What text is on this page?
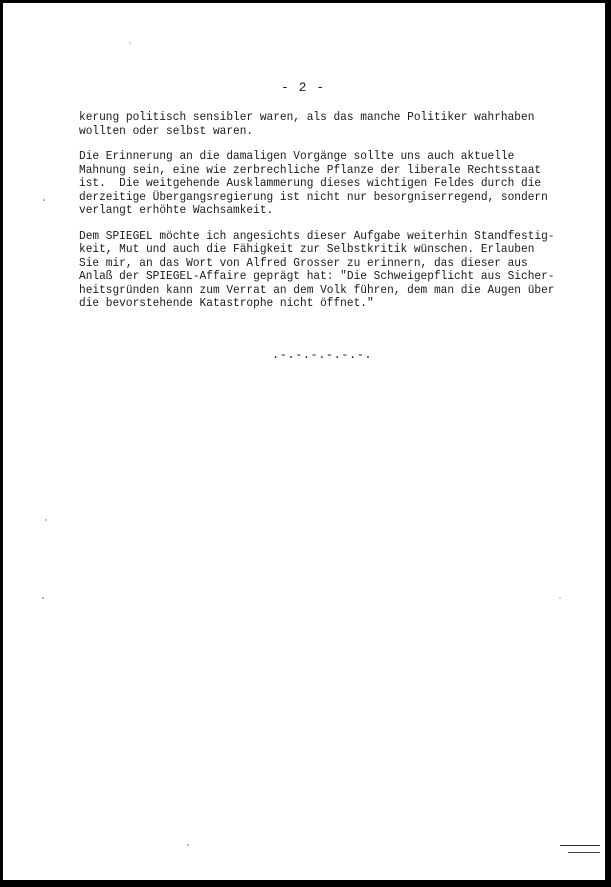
- 2 -
kerung politisch sensibler waren, als das manche Politiker wahrhaben
wollten oder selbst waren.
Die Erinnerung an die damaligen Vorgänge sollte uns auch aktuelle
Mahnung sein, eine wie zerbrechliche Pflanze der liberale Rechtsstaat
ist.  Die weitgehende Ausklammerung dieses wichtigen Feldes durch die
derzeitige Übergangsregierung ist nicht nur besorgniserregend, sondern
verlangt erhöhte Wachsamkeit.
Dem SPIEGEL möchte ich angesichts dieser Aufgabe weiterhin Standfestig-
keit, Mut und auch die Fähigkeit zur Selbstkritik wünschen. Erlauben
Sie mir, an das Wort von Alfred Grosser zu erinnern, das dieser aus
Anlaß der SPIEGEL-Affaire geprägt hat: "Die Schweigepflicht aus Sicher-
heitsgründen kann zum Verrat an dem Volk führen, dem man die Augen über
die bevorstehende Katastrophe nicht öffnet."
.-.-.-.-.-.-.
